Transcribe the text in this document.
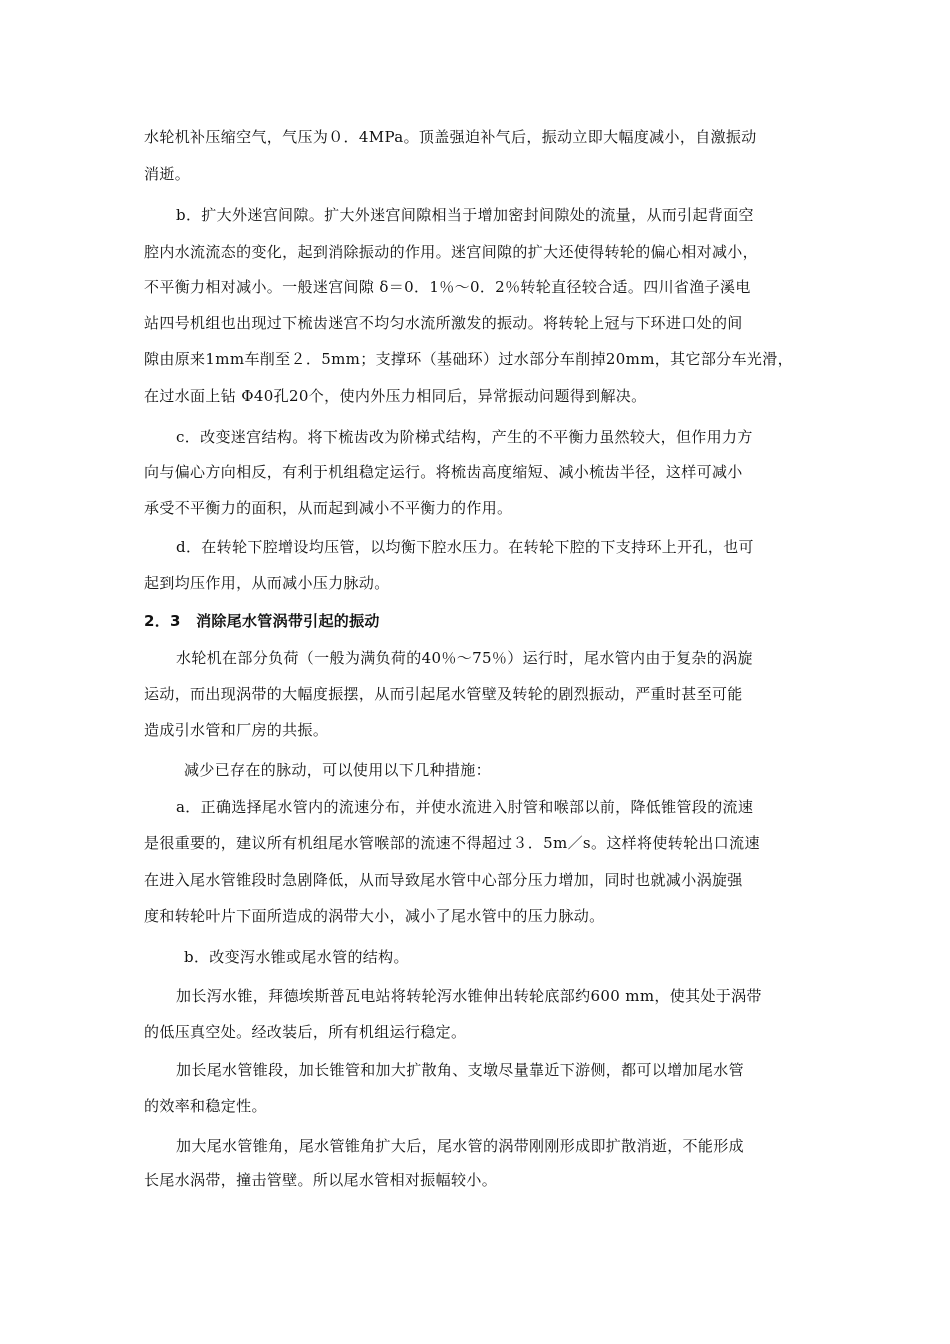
水轮机补压缩空气，气压为０．4MPa。顶盖强迫补气后，振动立即大幅度减小，自激振动

消逝。

b．扩大外迷宫间隙。扩大外迷宫间隙相当于增加密封间隙处的流量，从而引起背面空

腔内水流流态的变化，起到消除振动的作用。迷宫间隙的扩大还使得转轮的偏心相对减小，

不平衡力相对减小。一般迷宫间隙 δ＝0．1％～0．2％转轮直径较合适。四川省渔子溪电

站四号机组也出现过下梳齿迷宫不均匀水流所激发的振动。将转轮上冠与下环进口处的间

隙由原来1mm车削至２．5mm；支撑环（基础环）过水部分车削掉20mm，其它部分车光滑，

在过水面上钻 Φ40孔20个，使内外压力相同后，异常振动问题得到解决。

c．改变迷宫结构。将下梳齿改为阶梯式结构，产生的不平衡力虽然较大，但作用力方

向与偏心方向相反，有利于机组稳定运行。将梳齿高度缩短、减小梳齿半径，这样可减小

承受不平衡力的面积，从而起到减小不平衡力的作用。

d．在转轮下腔增设均压管，以均衡下腔水压力。在转轮下腔的下支持环上开孔，也可

起到均压作用，从而减小压力脉动。

2．3　消除尾水管涡带引起的振动

水轮机在部分负荷（一般为满负荷的40％～75％）运行时，尾水管内由于复杂的涡旋

运动，而出现涡带的大幅度振摆，从而引起尾水管壁及转轮的剧烈振动，严重时甚至可能

造成引水管和厂房的共振。

减少已存在的脉动，可以使用以下几种措施：

a．正确选择尾水管内的流速分布，并使水流进入肘管和喉部以前，降低锥管段的流速

是很重要的，建议所有机组尾水管喉部的流速不得超过３．5m／s。这样将使转轮出口流速

在进入尾水管锥段时急剧降低，从而导致尾水管中心部分压力增加，同时也就减小涡旋强

度和转轮叶片下面所造成的涡带大小，减小了尾水管中的压力脉动。

b．改变泻水锥或尾水管的结构。

加长泻水锥，拜德埃斯普瓦电站将转轮泻水锥伸出转轮底部约600 mm，使其处于涡带

的低压真空处。经改装后，所有机组运行稳定。

加长尾水管锥段，加长锥管和加大扩散角、支墩尽量靠近下游侧，都可以增加尾水管

的效率和稳定性。

加大尾水管锥角，尾水管锥角扩大后，尾水管的涡带刚刚形成即扩散消逝，不能形成

长尾水涡带，撞击管壁。所以尾水管相对振幅较小。
